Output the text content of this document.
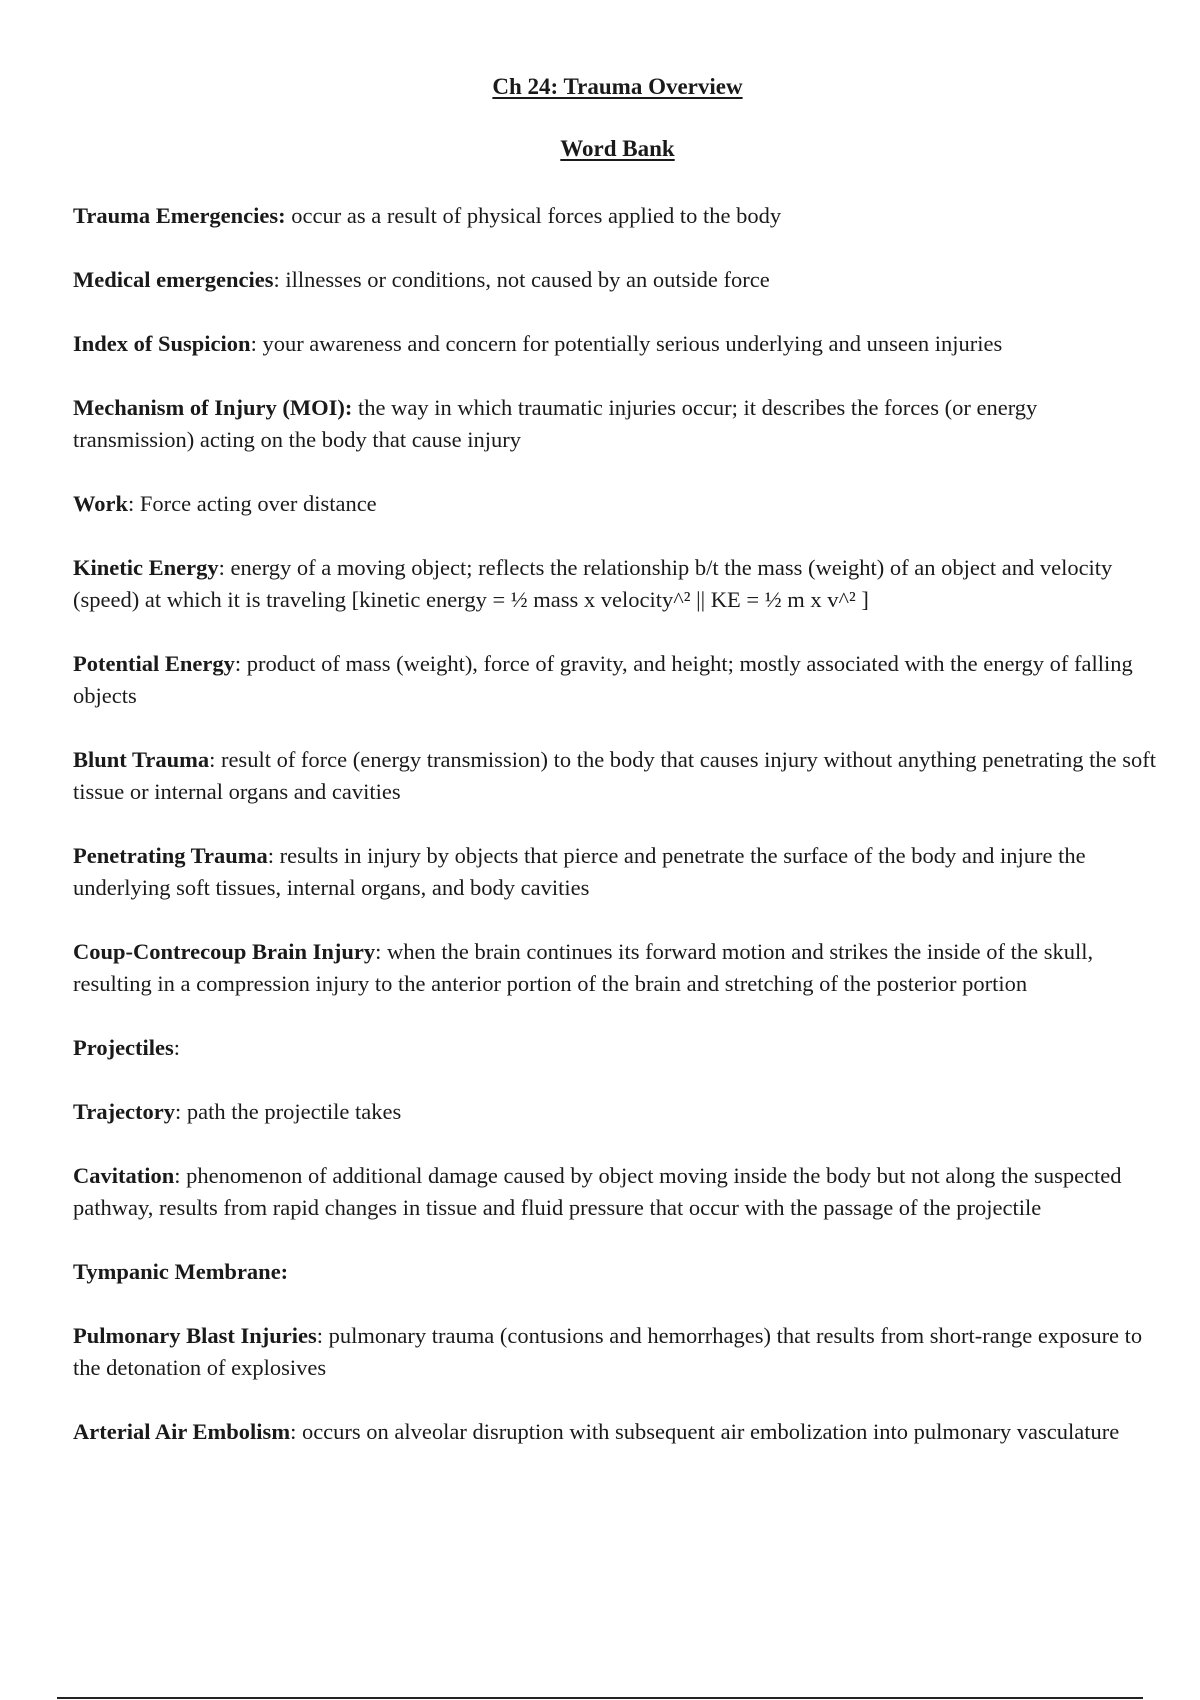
Ch 24: Trauma Overview
Word Bank

Trauma Emergencies: occur as a result of physical forces applied to the body

Medical emergencies: illnesses or conditions, not caused by an outside force

Index of Suspicion: your awareness and concern for potentially serious underlying and unseen injuries

Mechanism of Injury (MOI): the way in which traumatic injuries occur; it describes the forces (or energy transmission) acting on the body that cause injury

Work: Force acting over distance

Kinetic Energy: energy of a moving object; reflects the relationship b/t the mass (weight) of an object and velocity (speed) at which it is traveling [kinetic energy = ½ mass x velocity^² || KE = ½ m x v^² ]

Potential Energy: product of mass (weight), force of gravity, and height; mostly associated with the energy of falling objects

Blunt Trauma: result of force (energy transmission) to the body that causes injury without anything penetrating the soft tissue or internal organs and cavities

Penetrating Trauma: results in injury by objects that pierce and penetrate the surface of the body and injure the underlying soft tissues, internal organs, and body cavities

Coup-Contrecoup Brain Injury: when the brain continues its forward motion and strikes the inside of the skull, resulting in a compression injury to the anterior portion of the brain and stretching of the posterior portion

Projectiles:

Trajectory: path the projectile takes

Cavitation: phenomenon of additional damage caused by object moving inside the body but not along the suspected pathway, results from rapid changes in tissue and fluid pressure that occur with the passage of the projectile

Tympanic Membrane:

Pulmonary Blast Injuries: pulmonary trauma (contusions and hemorrhages) that results from short-range exposure to the detonation of explosives

Arterial Air Embolism: occurs on alveolar disruption with subsequent air embolization into pulmonary vasculature
